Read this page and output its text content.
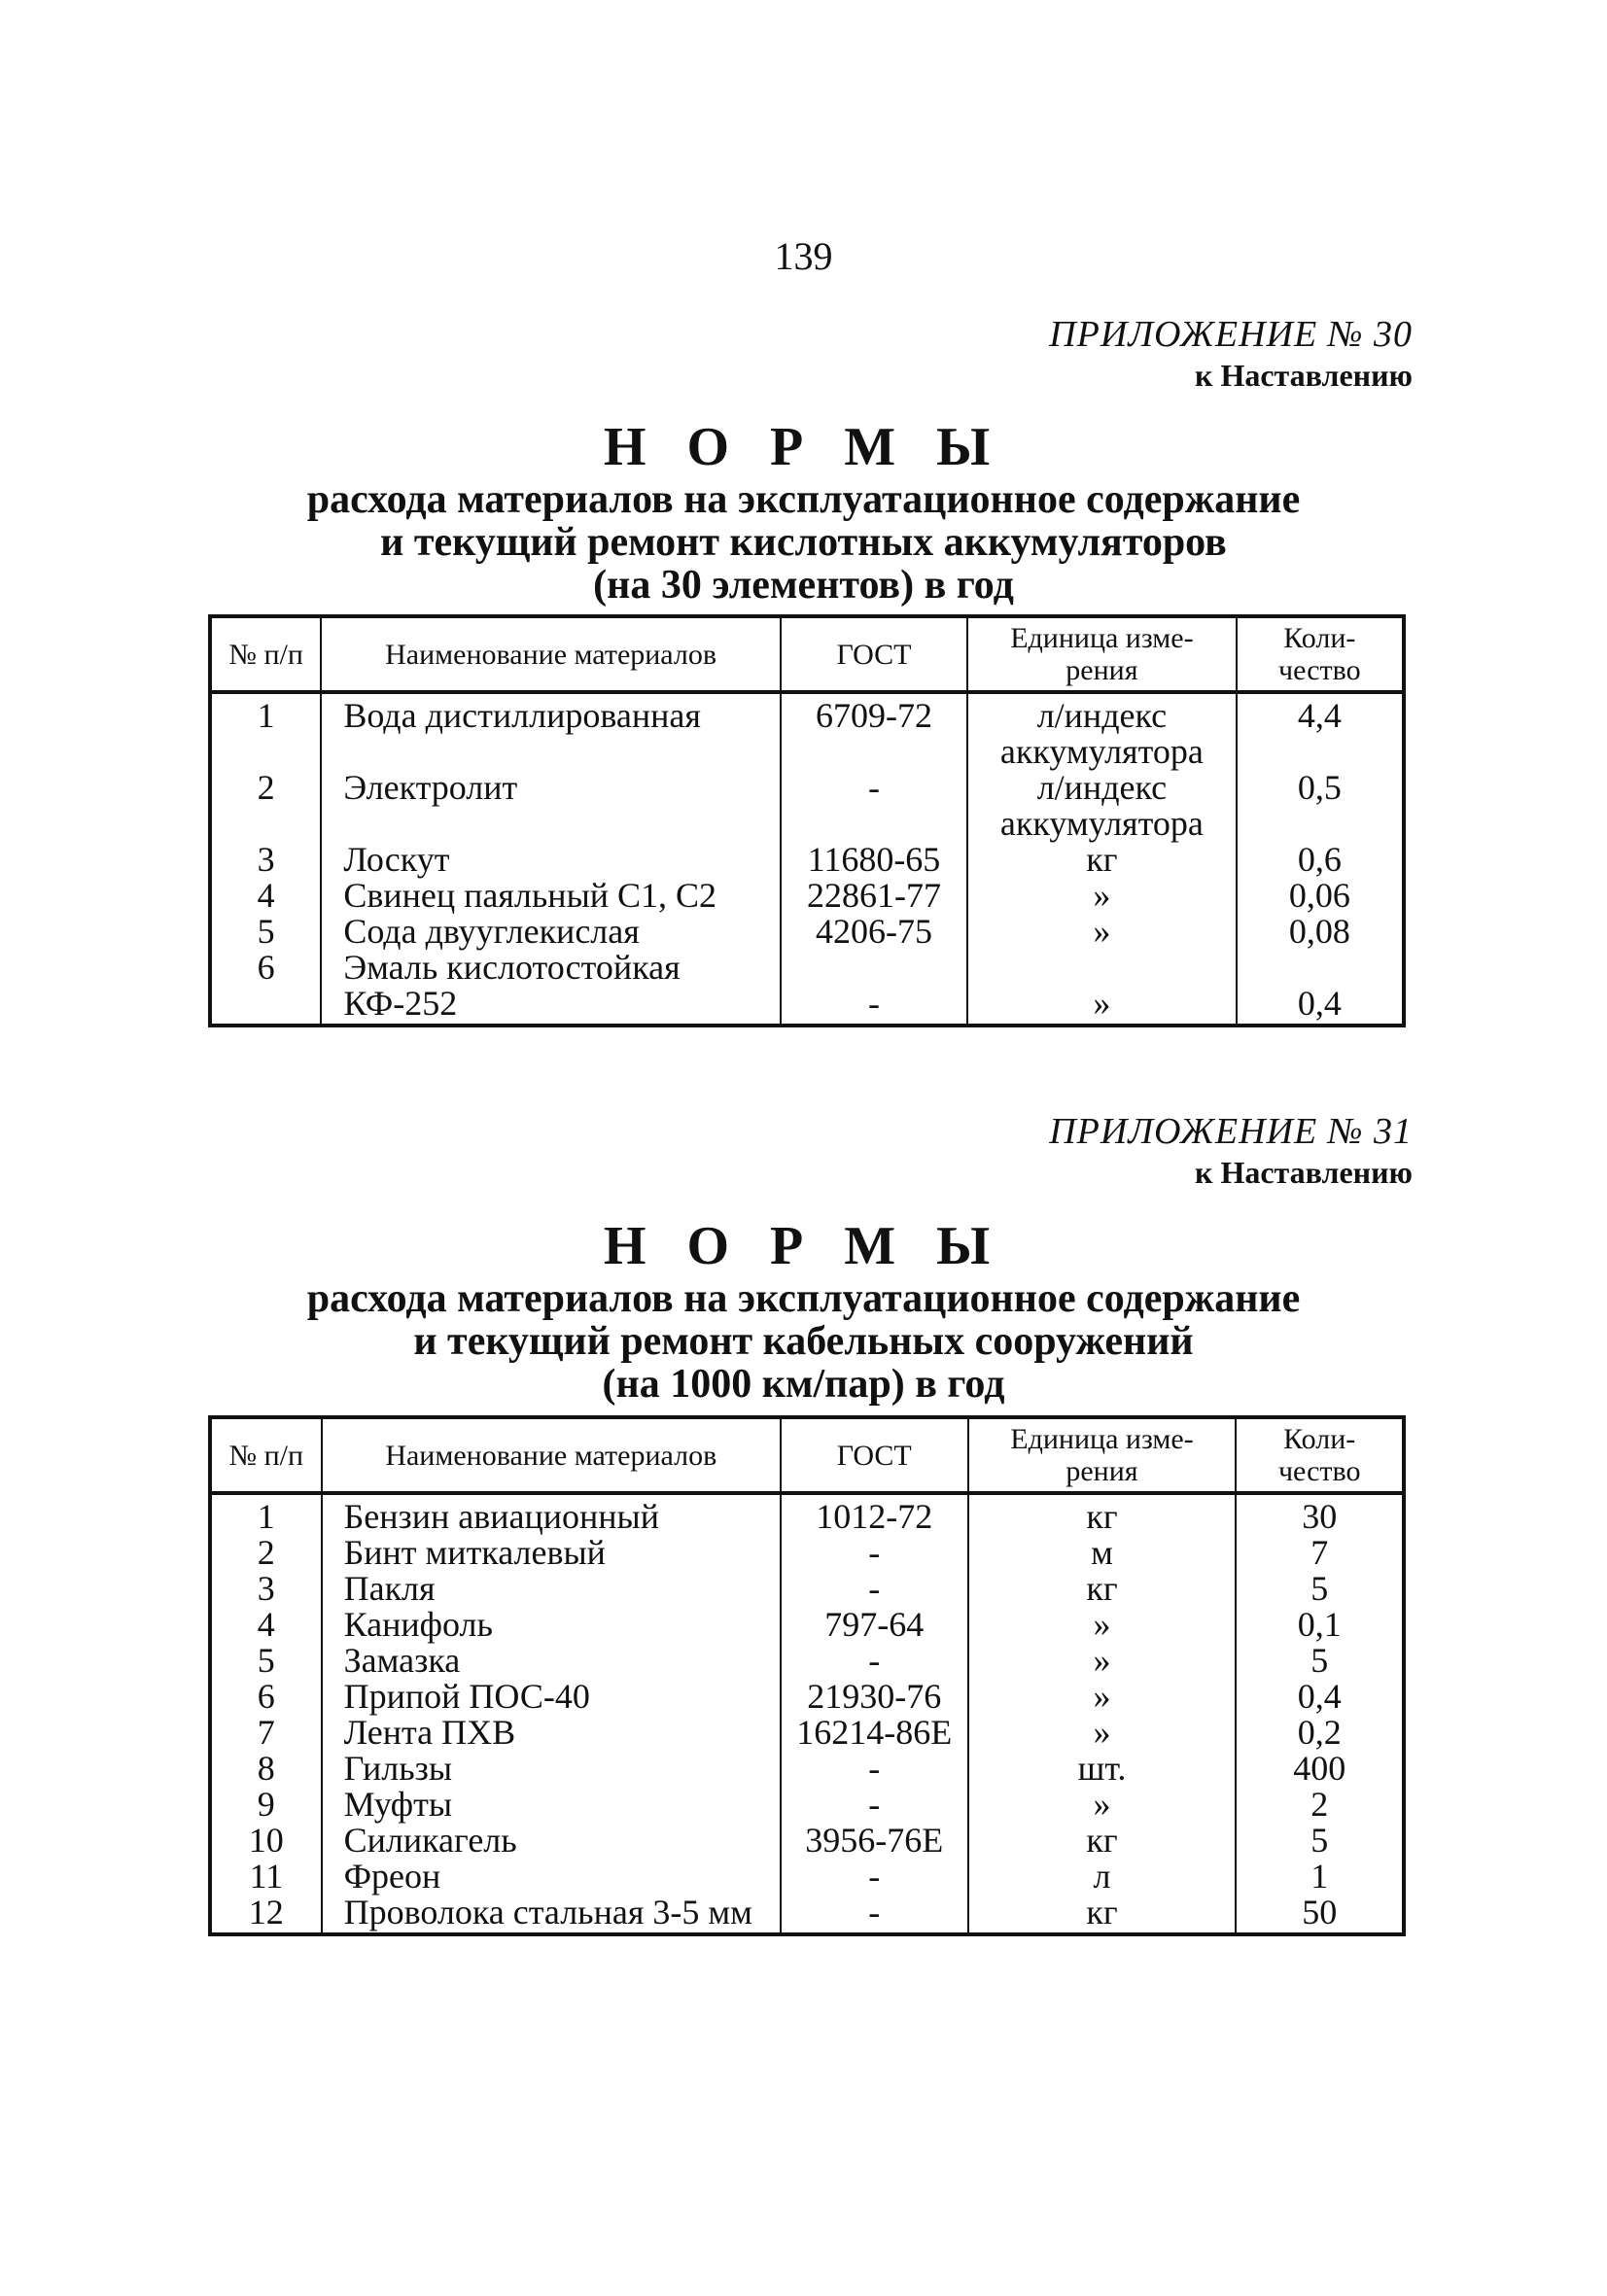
139
ПРИЛОЖЕНИЕ № 30
к Наставлению
Н О Р М Ы
расхода материалов на эксплуатационное содержание
и текущий ремонт кислотных аккумуляторов
(на 30 элементов) в год
№ п/п	Наименование материалов	ГОСТ	Единица изме- рения	Коли- чество
1	Вода дистиллированная	6709-72	л/индекс аккумулятора	4,4
2	Электролит	-	л/индекс аккумулятора	0,5
3	Лоскут	11680-65	кг	0,6
4	Свинец паяльный С1, С2	22861-77	»	0,06
5	Сода двууглекислая	4206-75	»	0,08
6	Эмаль кислотостойкая КФ-252	-	»	0,4
ПРИЛОЖЕНИЕ № 31
к Наставлению
Н О Р М Ы
расхода материалов на эксплуатационное содержание
и текущий ремонт кабельных сооружений
(на 1000 км/пар) в год
№ п/п	Наименование материалов	ГОСТ	Единица изме- рения	Коли- чество
1	Бензин авиационный	1012-72	кг	30
2	Бинт миткалевый	-	м	7
3	Пакля	-	кг	5
4	Канифоль	797-64	»	0,1
5	Замазка	-	»	5
6	Припой ПОС-40	21930-76	»	0,4
7	Лента ПХВ	16214-86Е	»	0,2
8	Гильзы	-	шт.	400
9	Муфты	-	»	2
10	Силикагель	3956-76Е	кг	5
11	Фреон	-	л	1
12	Проволока стальная 3-5 мм	-	кг	50
